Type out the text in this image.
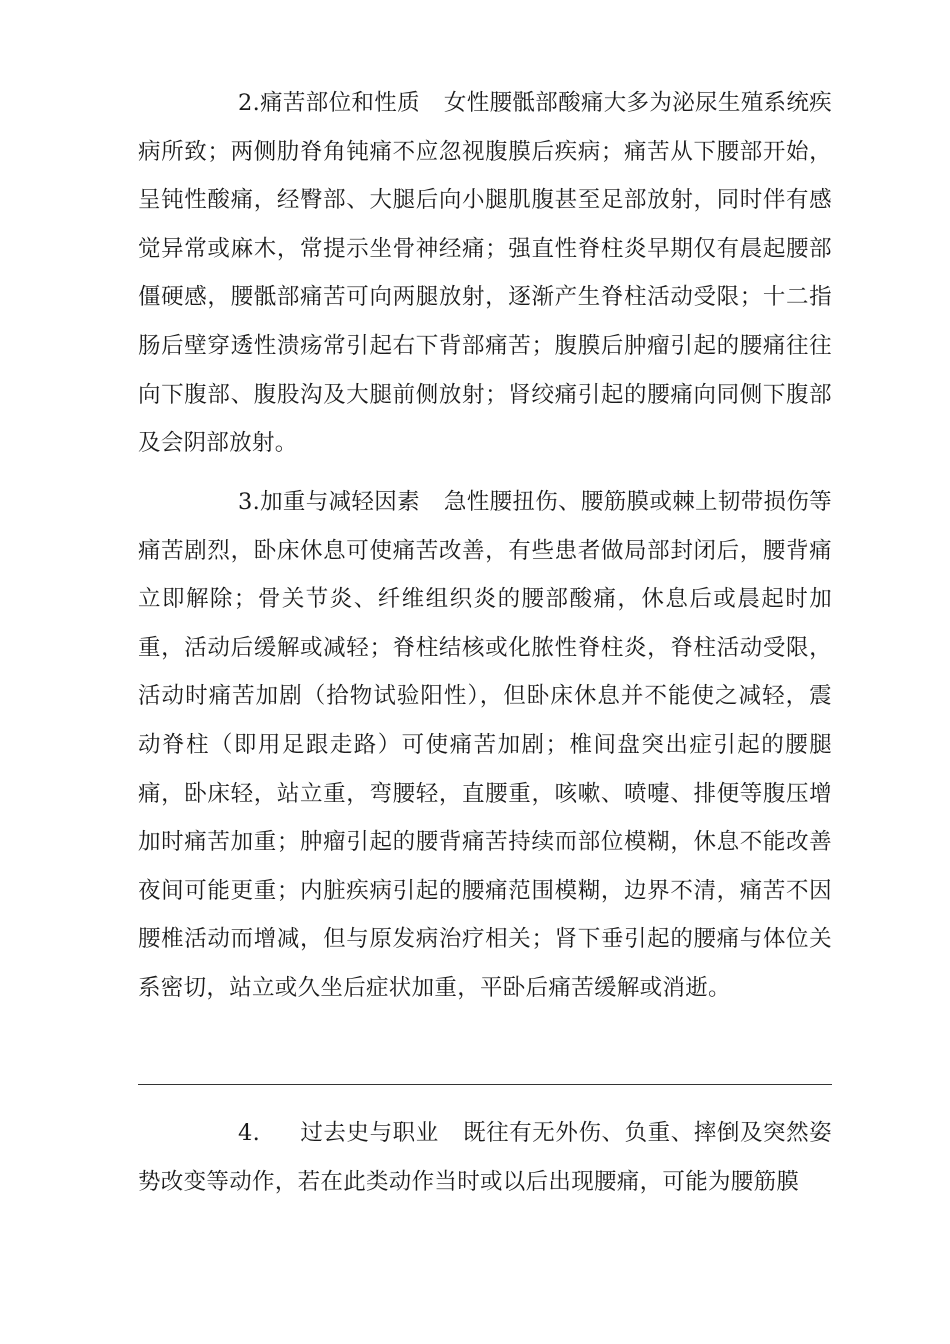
2.痛苦部位和性质 女性腰骶部酸痛大多为泌尿生殖系统疾病所致；两侧肋脊角钝痛不应忽视腹膜后疾病；痛苦从下腰部开始，呈钝性酸痛，经臀部、大腿后向小腿肌腹甚至足部放射，同时伴有感觉异常或麻木，常提示坐骨神经痛；强直性脊柱炎早期仅有晨起腰部僵硬感，腰骶部痛苦可向两腿放射，逐渐产生脊柱活动受限；十二指肠后壁穿透性溃疡常引起右下背部痛苦；腹膜后肿瘤引起的腰痛往往向下腹部、腹股沟及大腿前侧放射；肾绞痛引起的腰痛向同侧下腹部及会阴部放射。

3.加重与减轻因素 急性腰扭伤、腰筋膜或棘上韧带损伤等痛苦剧烈，卧床休息可使痛苦改善，有些患者做局部封闭后，腰背痛立即解除；骨关节炎、纤维组织炎的腰部酸痛，休息后或晨起时加重，活动后缓解或减轻；脊柱结核或化脓性脊柱炎，脊柱活动受限，活动时痛苦加剧（拾物试验阳性），但卧床休息并不能使之减轻，震动脊柱（即用足跟走路）可使痛苦加剧；椎间盘突出症引起的腰腿痛，卧床轻，站立重，弯腰轻，直腰重，咳嗽、喷嚏、排便等腹压增加时痛苦加重；肿瘤引起的腰背痛苦持续而部位模糊，休息不能改善 夜间可能更重；内脏疾病引起的腰痛范围模糊，边界不清，痛苦不因腰椎活动而增减，但与原发病治疗相关；肾下垂引起的腰痛与体位关系密切，站立或久坐后症状加重，平卧后痛苦缓解或消逝。

4. 过去史与职业 既往有无外伤、负重、摔倒及突然姿势改变等动作，若在此类动作当时或以后出现腰痛，可能为腰筋膜
